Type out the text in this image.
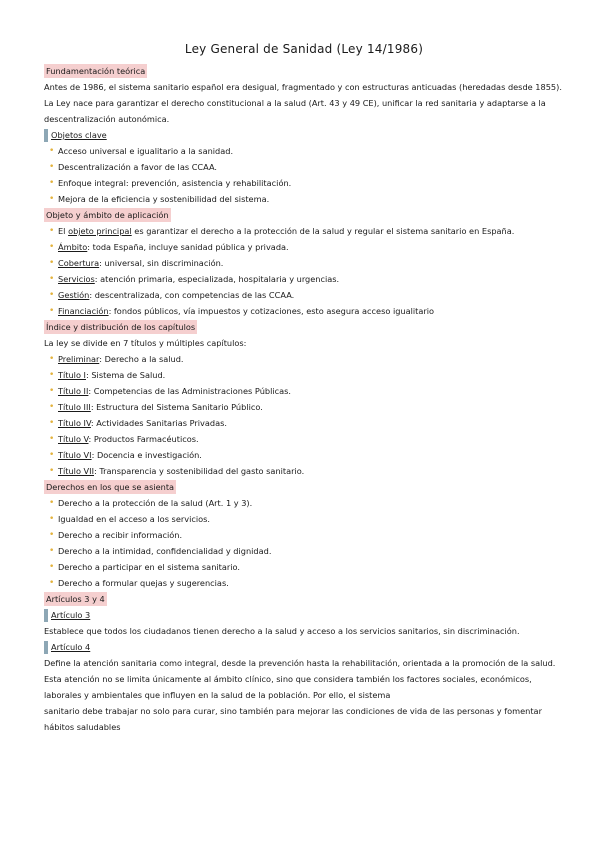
Ley General de Sanidad (Ley 14/1986)
Fundamentación teórica

Antes de 1986, el sistema sanitario español era desigual, fragmentado y con estructuras anticuadas (heredadas desde 1855). La Ley nace para garantizar el derecho constitucional a la salud (Art. 43 y 49 CE), unificar la red sanitaria y adaptarse a la descentralización autonómica.

Objetos clave
• Acceso universal e igualitario a la sanidad.
• Descentralización a favor de las CCAA.
• Enfoque integral: prevención, asistencia y rehabilitación.
• Mejora de la eficiencia y sostenibilidad del sistema.
Objeto y ámbito de aplicación
• El objeto principal es garantizar el derecho a la protección de la salud y regular el sistema sanitario en España.
• Ámbito: toda España, incluye sanidad pública y privada.
• Cobertura: universal, sin discriminación.
• Servicios: atención primaria, especializada, hospitalaria y urgencias.
• Gestión: descentralizada, con competencias de las CCAA.
• Financiación: fondos públicos, vía impuestos y cotizaciones, esto asegura acceso igualitario
Índice y distribución de los capítulos

La ley se divide en 7 títulos y múltiples capítulos:

• Preliminar: Derecho a la salud.
• Título I: Sistema de Salud.
• Título II: Competencias de las Administraciones Públicas.
• Título III: Estructura del Sistema Sanitario Público.
• Título IV: Actividades Sanitarias Privadas.
• Título V: Productos Farmacéuticos.
• Título VI: Docencia e investigación.
• Título VII: Transparencia y sostenibilidad del gasto sanitario.
Derechos en los que se asienta
• Derecho a la protección de la salud (Art. 1 y 3).
• Igualdad en el acceso a los servicios.
• Derecho a recibir información.
• Derecho a la intimidad, confidencialidad y dignidad.
• Derecho a participar en el sistema sanitario.
• Derecho a formular quejas y sugerencias.
Artículos 3 y 4
Artículo 3

Establece que todos los ciudadanos tienen derecho a la salud y acceso a los servicios sanitarios, sin discriminación.

Artículo 4

Define la atención sanitaria como integral, desde la prevención hasta la rehabilitación, orientada a la promoción de la salud. Esta atención no se limita únicamente al ámbito clínico, sino que considera también los factores sociales, económicos, laborales y ambientales que influyen en la salud de la población. Por ello, el sistema

sanitario debe trabajar no solo para curar, sino también para mejorar las condiciones de vida de las personas y fomentar hábitos saludables
